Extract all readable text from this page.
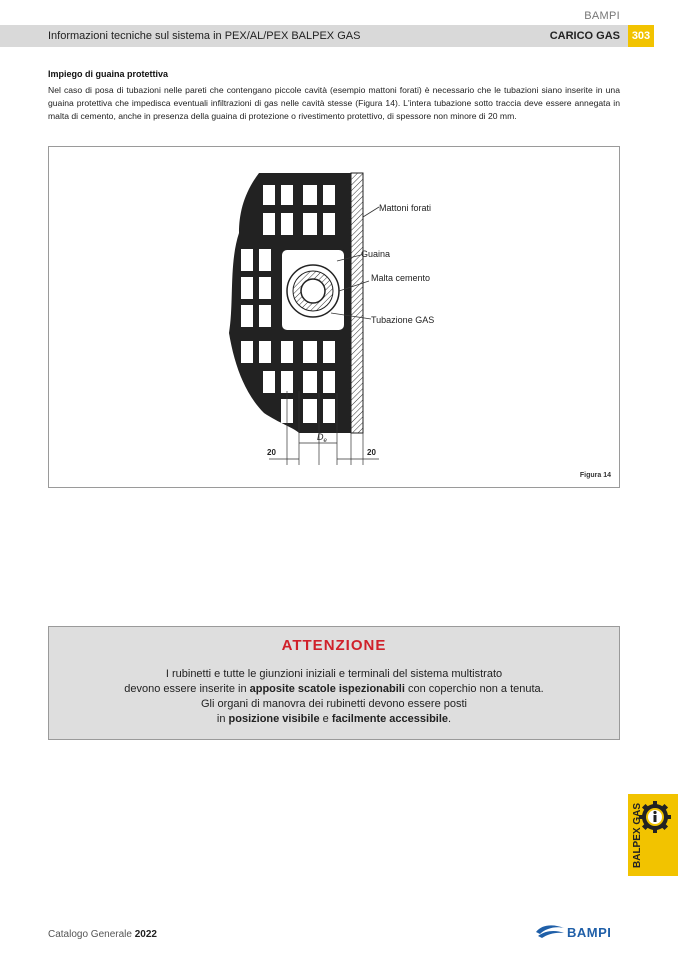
BAMPI
Informazioni tecniche sul sistema in PEX/AL/PEX BALPEX GAS	CARICO GAS	303
Impiego di guaina protettiva
Nel caso di posa di tubazioni nelle pareti che contengano piccole cavità (esempio mattoni forati) è necessario che le tubazioni siano inserite in una guaina protettiva che impedisca eventuali infiltrazioni di gas nelle cavità stesse (Figura 14). L'intera tubazione sotto traccia deve essere annegata in malta di cemento, anche in presenza della guaina di protezione o rivestimento protettivo, di spessore non minore di 20 mm.
Mattoni forati
Guaina
Malta cemento
Tubazione GAS
20	20
$D_e$
Figura 14
ATTENZIONE
I rubinetti e tutte le giunzioni iniziali e terminali del sistema multistrato
devono essere inserite in apposite scatole ispezionabili con coperchio non a tenuta.
Gli organi di manovra dei rubinetti devono essere posti
in posizione visibile e facilmente accessibile.
BALPEX GAS
Catalogo Generale 2022	BAMPI
